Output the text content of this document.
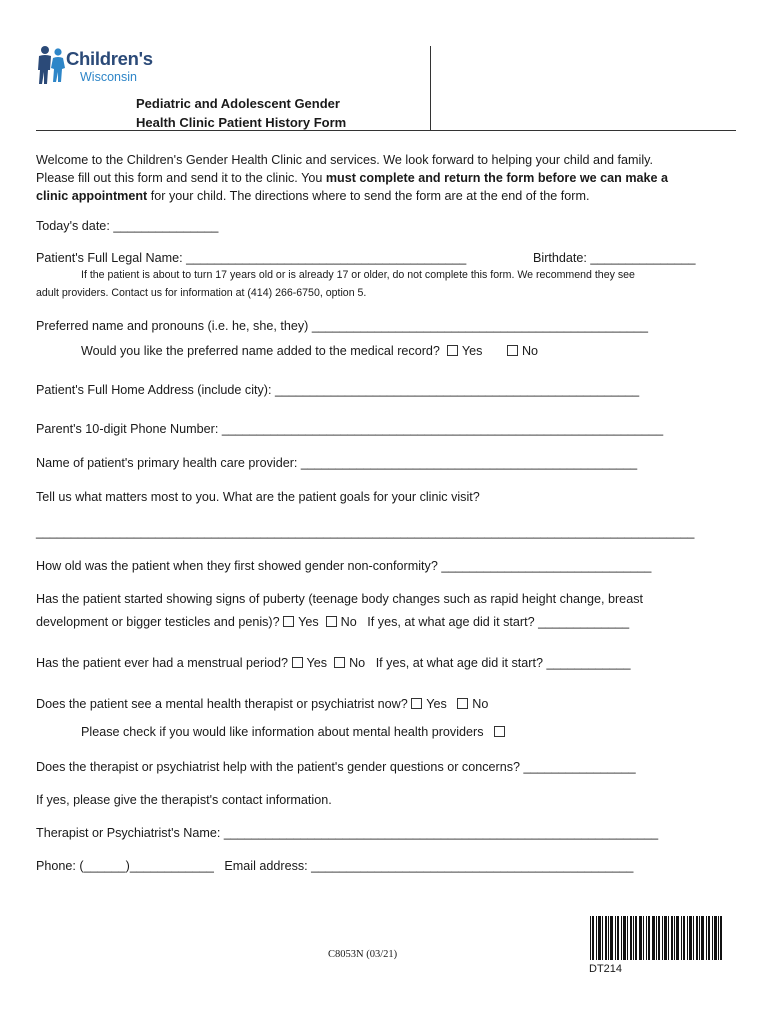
Children's
Wisconsin
Pediatric and Adolescent Gender
Health Clinic Patient History Form
Welcome to the Children's Gender Health Clinic and services. We look forward to helping your child and family.
Please fill out this form and send it to the clinic. You must complete and return the form before we can make a
clinic appointment for your child. The directions where to send the form are at the end of the form.
Today's date: _______________
Patient's Full Legal Name: ________________________________________	Birthdate: _______________
If the patient is about to turn 17 years old or is already 17 or older, do not complete this form. We recommend they see
adult providers. Contact us for information at (414) 266-6750, option 5.
Preferred name and pronouns (i.e. he, she, they) ________________________________________________
Would you like the preferred name added to the medical record? Yes	No
Patient's Full Home Address (include city): ____________________________________________________
Parent's 10-digit Phone Number: _______________________________________________________________
Name of patient's primary health care provider: ________________________________________________
Tell us what matters most to you. What are the patient goals for your clinic visit?
______________________________________________________________________________________________
How old was the patient when they first showed gender non-conformity? ______________________________
Has the patient started showing signs of puberty (teenage body changes such as rapid height change, breast
development or bigger testicles and penis)? Yes No If yes, at what age did it start? _____________
Has the patient ever had a menstrual period? Yes No If yes, at what age did it start? ____________
Does the patient see a mental health therapist or psychiatrist now? Yes No
Please check if you would like information about mental health providers
Does the therapist or psychiatrist help with the patient's gender questions or concerns? ________________
If yes, please give the therapist's contact information.
Therapist or Psychiatrist's Name: ______________________________________________________________
Phone: (______)____________ Email address: ______________________________________________
C8053N (03/21)
DT214
